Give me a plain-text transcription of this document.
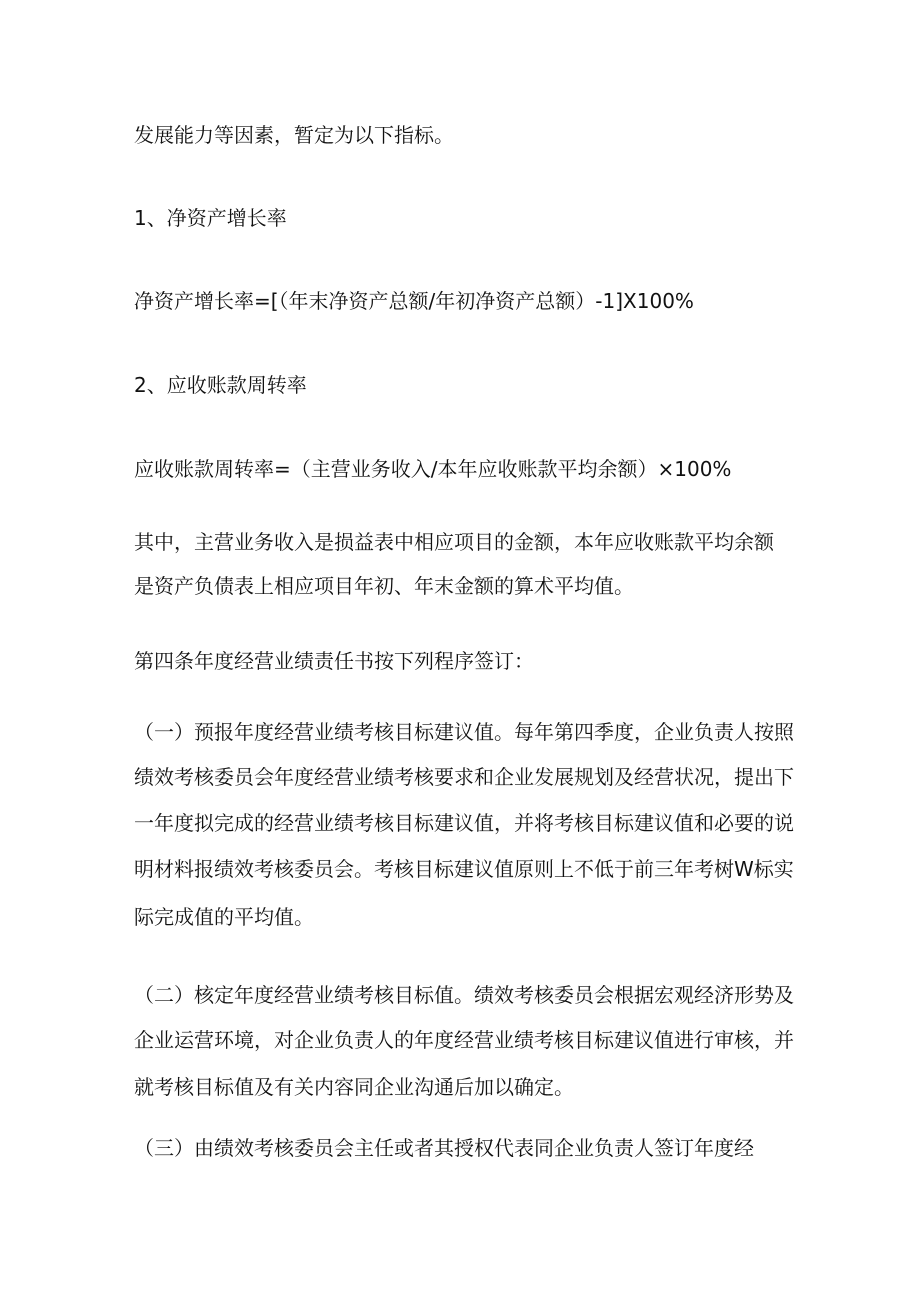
发展能力等因素，暂定为以下指标。

1、净资产增长率

净资产增长率=[（年末净资产总额/年初净资产总额）-1]X100%

2、应收账款周转率

应收账款周转率=（主营业务收入/本年应收账款平均余额）×100%

其中，主营业务收入是损益表中相应项目的金额，本年应收账款平均余额

是资产负债表上相应项目年初、年末金额的算术平均值。

第四条年度经营业绩责任书按下列程序签订：

（一）预报年度经营业绩考核目标建议值。每年第四季度，企业负责人按照

绩效考核委员会年度经营业绩考核要求和企业发展规划及经营状况，提出下

一年度拟完成的经营业绩考核目标建议值，并将考核目标建议值和必要的说

明材料报绩效考核委员会。考核目标建议值原则上不低于前三年考树W标实

际完成值的平均值。

（二）核定年度经营业绩考核目标值。绩效考核委员会根据宏观经济形势及

企业运营环境，对企业负责人的年度经营业绩考核目标建议值进行审核，并

就考核目标值及有关内容同企业沟通后加以确定。

（三）由绩效考核委员会主任或者其授权代表同企业负责人签订年度经
